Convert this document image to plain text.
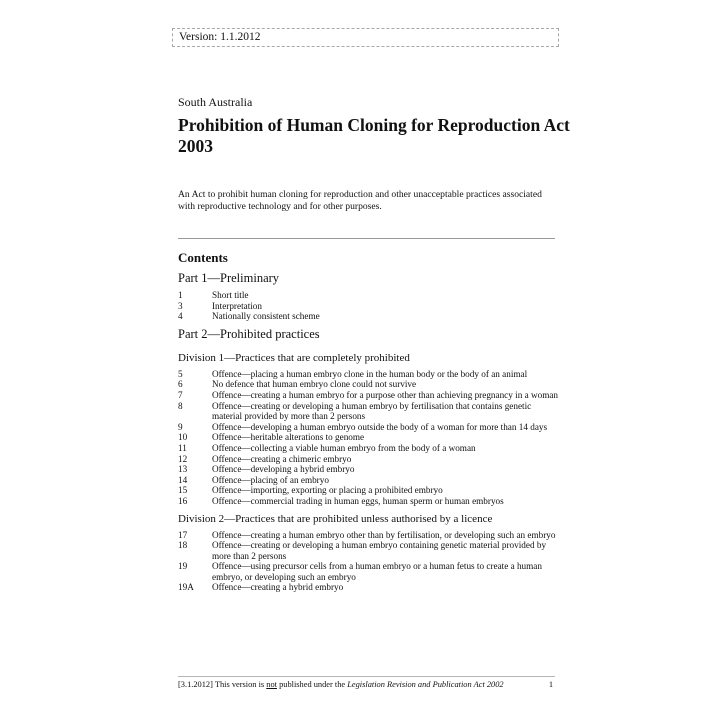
Version: 1.1.2012
South Australia
Prohibition of Human Cloning for Reproduction Act 2003

An Act to prohibit human cloning for reproduction and other unacceptable practices associated with reproductive technology and for other purposes.

Contents
Part 1—Preliminary
1	Short title
3	Interpretation
4	Nationally consistent scheme
Part 2—Prohibited practices
Division 1—Practices that are completely prohibited
5	Offence—placing a human embryo clone in the human body or the body of an animal
6	No defence that human embryo clone could not survive
7	Offence—creating a human embryo for a purpose other than achieving pregnancy in a woman
8	Offence—creating or developing a human embryo by fertilisation that contains genetic material provided by more than 2 persons
9	Offence—developing a human embryo outside the body of a woman for more than 14 days
10	Offence—heritable alterations to genome
11	Offence—collecting a viable human embryo from the body of a woman
12	Offence—creating a chimeric embryo
13	Offence—developing a hybrid embryo
14	Offence—placing of an embryo
15	Offence—importing, exporting or placing a prohibited embryo
16	Offence—commercial trading in human eggs, human sperm or human embryos
Division 2—Practices that are prohibited unless authorised by a licence
17	Offence—creating a human embryo other than by fertilisation, or developing such an embryo
18	Offence—creating or developing a human embryo containing genetic material provided by more than 2 persons
19	Offence—using precursor cells from a human embryo or a human fetus to create a human embryo, or developing such an embryo
19A	Offence—creating a hybrid embryo
[3.1.2012] This version is not published under the Legislation Revision and Publication Act 2002	1
